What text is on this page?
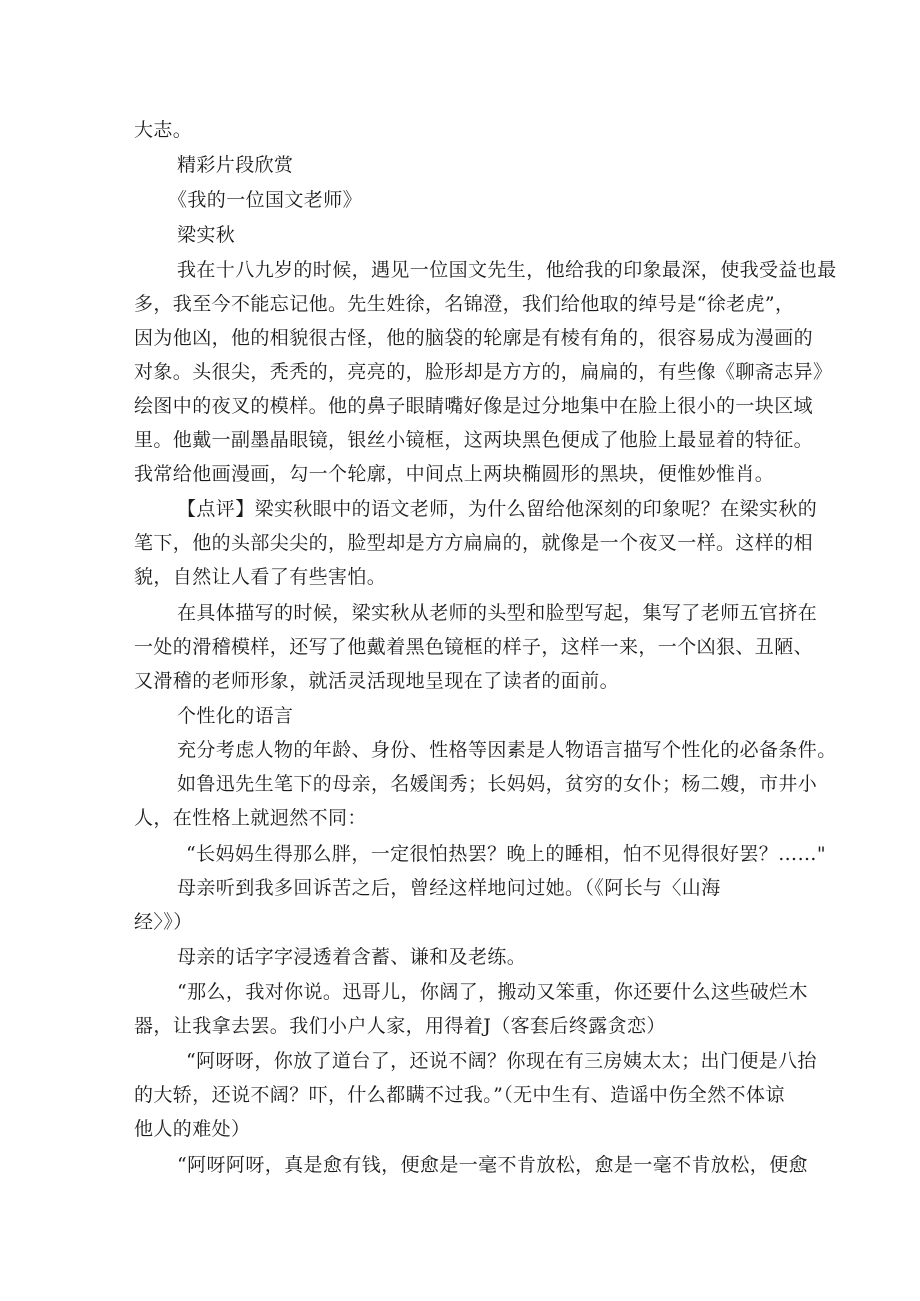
大志。
精彩片段欣赏
《我的一位国文老师》
梁实秋
我在十八九岁的时候，遇见一位国文先生，他给我的印象最深，使我受益也最
多，我至今不能忘记他。先生姓徐，名锦澄，我们给他取的绰号是“徐老虎”，
因为他凶，他的相貌很古怪，他的脑袋的轮廓是有棱有角的，很容易成为漫画的
对象。头很尖，秃秃的，亮亮的，脸形却是方方的，扁扁的，有些像《聊斋志异》
绘图中的夜叉的模样。他的鼻子眼睛嘴好像是过分地集中在脸上很小的一块区域
里。他戴一副墨晶眼镜，银丝小镜框，这两块黑色便成了他脸上最显着的特征。
我常给他画漫画，勾一个轮廓，中间点上两块椭圆形的黑块，便惟妙惟肖。
【点评】梁实秋眼中的语文老师，为什么留给他深刻的印象呢？在梁实秋的
笔下，他的头部尖尖的，脸型却是方方扁扁的，就像是一个夜叉一样。这样的相
貌，自然让人看了有些害怕。
在具体描写的时候，梁实秋从老师的头型和脸型写起，集写了老师五官挤在
一处的滑稽模样，还写了他戴着黑色镜框的样子，这样一来，一个凶狠、丑陋、
又滑稽的老师形象，就活灵活现地呈现在了读者的面前。
个性化的语言
充分考虑人物的年龄、身份、性格等因素是人物语言描写个性化的必备条件。
如鲁迅先生笔下的母亲，名媛闺秀；长妈妈，贫穷的女仆；杨二嫂，市井小
人，在性格上就迥然不同：
“长妈妈生得那么胖，一定很怕热罢？晚上的睡相，怕不见得很好罢？……"
母亲听到我多回诉苦之后，曾经这样地问过她。（《阿长与〈山海
经〉》）
母亲的话字字浸透着含蓄、谦和及老练。
“那么，我对你说。迅哥儿，你阔了，搬动又笨重，你还要什么这些破烂木
器，让我拿去罢。我们小户人家，用得着J（客套后终露贪恋）
“阿呀呀，你放了道台了，还说不阔？你现在有三房姨太太；出门便是八抬
的大轿，还说不阔？吓，什么都瞒不过我。”（无中生有、造谣中伤全然不体谅
他人的难处）
“阿呀阿呀，真是愈有钱，便愈是一毫不肯放松，愈是一毫不肯放松，便愈
